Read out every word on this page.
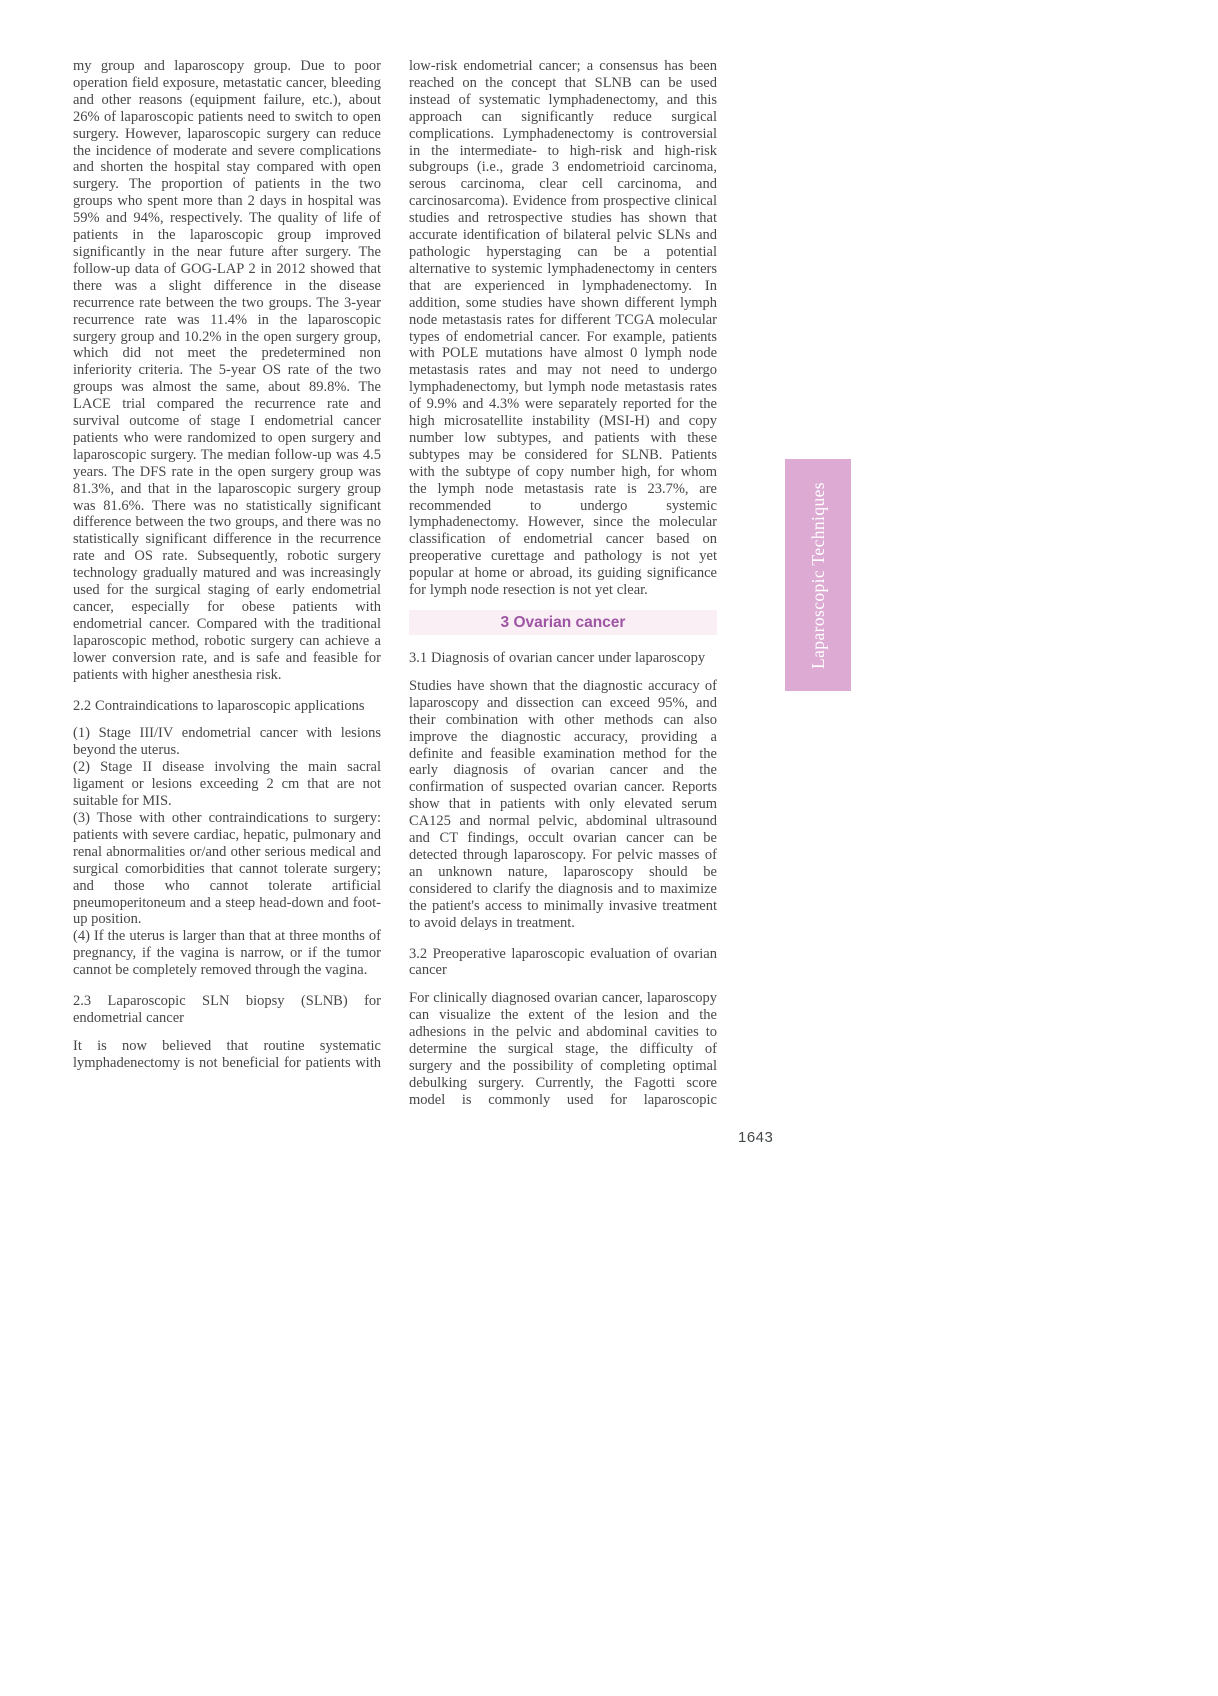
my group and laparoscopy group. Due to poor operation field exposure, metastatic cancer, bleeding and other reasons (equipment failure, etc.), about 26% of laparoscopic patients need to switch to open surgery. However, laparoscopic surgery can reduce the incidence of moderate and severe complications and shorten the hospital stay compared with open surgery. The proportion of patients in the two groups who spent more than 2 days in hospital was 59% and 94%, respectively. The quality of life of patients in the laparoscopic group improved significantly in the near future after surgery. The follow-up data of GOG-LAP 2 in 2012 showed that there was a slight difference in the disease recurrence rate between the two groups. The 3-year recurrence rate was 11.4% in the laparoscopic surgery group and 10.2% in the open surgery group, which did not meet the predetermined non inferiority criteria. The 5-year OS rate of the two groups was almost the same, about 89.8%. The LACE trial compared the recurrence rate and survival outcome of stage I endometrial cancer patients who were randomized to open surgery and laparoscopic surgery. The median follow-up was 4.5 years. The DFS rate in the open surgery group was 81.3%, and that in the laparoscopic surgery group was 81.6%. There was no statistically significant difference between the two groups, and there was no statistically significant difference in the recurrence rate and OS rate. Subsequently, robotic surgery technology gradually matured and was increasingly used for the surgical staging of early endometrial cancer, especially for obese patients with endometrial cancer. Compared with the traditional laparoscopic method, robotic surgery can achieve a lower conversion rate, and is safe and feasible for patients with higher anesthesia risk.

2.2 Contraindications to laparoscopic applications

(1) Stage III/IV endometrial cancer with lesions beyond the uterus.

(2) Stage II disease involving the main sacral ligament or lesions exceeding 2 cm that are not suitable for MIS.

(3) Those with other contraindications to surgery: patients with severe cardiac, hepatic, pulmonary and renal abnormalities or/and other serious medical and surgical comorbidities that cannot tolerate surgery; and those who cannot tolerate artificial pneumoperitoneum and a steep head-down and foot-up position.

(4) If the uterus is larger than that at three months of pregnancy, if the vagina is narrow, or if the tumor cannot be completely removed through the vagina.

2.3 Laparoscopic SLN biopsy (SLNB) for endometrial cancer

It is now believed that routine systematic lymphadenectomy is not beneficial for patients with

low-risk endometrial cancer; a consensus has been reached on the concept that SLNB can be used instead of systematic lymphadenectomy, and this approach can significantly reduce surgical complications. Lymphadenectomy is controversial in the intermediate- to high-risk and high-risk subgroups (i.e., grade 3 endometrioid carcinoma, serous carcinoma, clear cell carcinoma, and carcinosarcoma). Evidence from prospective clinical studies and retrospective studies has shown that accurate identification of bilateral pelvic SLNs and pathologic hyperstaging can be a potential alternative to systemic lymphadenectomy in centers that are experienced in lymphadenectomy. In addition, some studies have shown different lymph node metastasis rates for different TCGA molecular types of endometrial cancer. For example, patients with POLE mutations have almost 0 lymph node metastasis rates and may not need to undergo lymphadenectomy, but lymph node metastasis rates of 9.9% and 4.3% were separately reported for the high microsatellite instability (MSI-H) and copy number low subtypes, and patients with these subtypes may be considered for SLNB. Patients with the subtype of copy number high, for whom the lymph node metastasis rate is 23.7%, are recommended to undergo systemic lymphadenectomy. However, since the molecular classification of endometrial cancer based on preoperative curettage and pathology is not yet popular at home or abroad, its guiding significance for lymph node resection is not yet clear.

3 Ovarian cancer

3.1 Diagnosis of ovarian cancer under laparoscopy

Studies have shown that the diagnostic accuracy of laparoscopy and dissection can exceed 95%, and their combination with other methods can also improve the diagnostic accuracy, providing a definite and feasible examination method for the early diagnosis of ovarian cancer and the confirmation of suspected ovarian cancer. Reports show that in patients with only elevated serum CA125 and normal pelvic, abdominal ultrasound and CT findings, occult ovarian cancer can be detected through laparoscopy. For pelvic masses of an unknown nature, laparoscopy should be considered to clarify the diagnosis and to maximize the patient's access to minimally invasive treatment to avoid delays in treatment.

3.2 Preoperative laparoscopic evaluation of ovarian cancer

For clinically diagnosed ovarian cancer, laparoscopy can visualize the extent of the lesion and the adhesions in the pelvic and abdominal cavities to determine the surgical stage, the difficulty of surgery and the possibility of completing optimal debulking surgery. Currently, the Fagotti score model is commonly used for laparoscopic

1643
Laparoscopic Techniques
